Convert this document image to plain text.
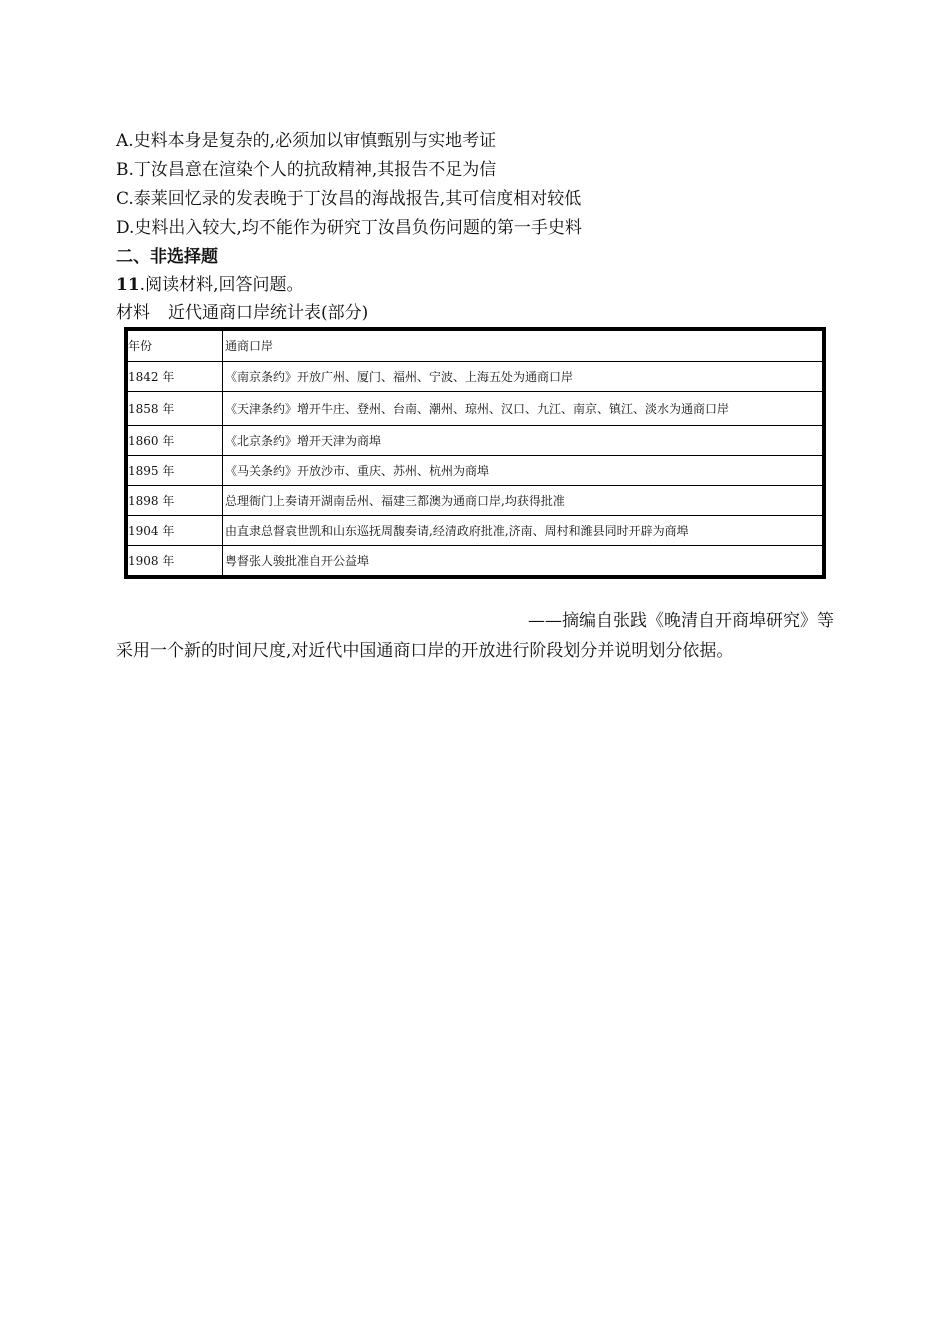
A.史料本身是复杂的,必须加以审慎甄别与实地考证
B.丁汝昌意在渲染个人的抗敌精神,其报告不足为信
C.泰莱回忆录的发表晚于丁汝昌的海战报告,其可信度相对较低
D.史料出入较大,均不能作为研究丁汝昌负伤问题的第一手史料
二、非选择题
11.阅读材料,回答问题。
材料 近代通商口岸统计表(部分)
年份	通商口岸
1842 年	《南京条约》开放广州、厦门、福州、宁波、上海五处为通商口岸
1858 年	《天津条约》增开牛庄、登州、台南、潮州、琼州、汉口、九江、南京、镇江、淡水为通商口岸
1860 年	《北京条约》增开天津为商埠
1895 年	《马关条约》开放沙市、重庆、苏州、杭州为商埠
1898 年	总理衙门上奏请开湖南岳州、福建三都澳为通商口岸,均获得批准
1904 年	由直隶总督袁世凯和山东巡抚周馥奏请,经清政府批准,济南、周村和潍县同时开辟为商埠
1908 年	粤督张人骏批准自开公益埠
——摘编自张践《晚清自开商埠研究》等
采用一个新的时间尺度,对近代中国通商口岸的开放进行阶段划分并说明划分依据。
